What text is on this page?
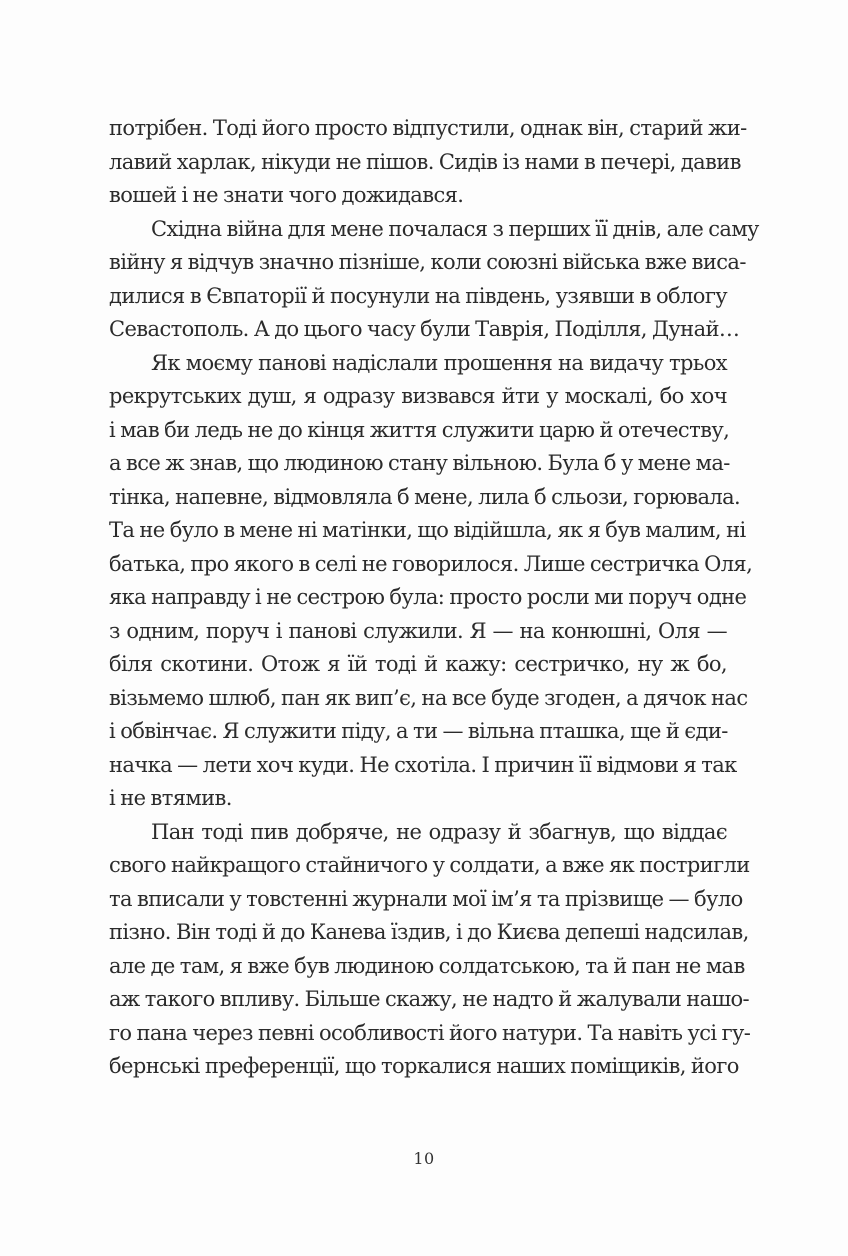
потрібен. Тоді його просто відпустили, однак він, старий жи-
лавий харлак, нікуди не пішов. Сидів із нами в печері, давив
вошей і не знати чого дожидався.
Східна війна для мене почалася з перших її днів, але саму
війну я відчув значно пізніше, коли союзні війська вже висa-
дилися в Євпаторії й посунули на південь, узявши в облогу
Севастополь. А до цього часу були Таврія, Поділля, Дунай…
Як моєму панові надіслали прошення на видачу трьох
рекрутських душ, я одразу визвався йти у москалі, бо хоч
і мав би ледь не до кінця життя служити царю й отечеству,
а все ж знав, що людиною стану вільною. Була б у мене ма-
тінка, напевне, відмовляла б мене, лила б сльози, горювала.
Та не було в мене ні матінки, що відійшла, як я був малим, ні
батька, про якого в селі не говорилося. Лише сестричка Оля,
яка направду і не сестрою була: просто росли ми поруч одне
з одним, поруч і панові служили. Я — на конюшні, Оля —
біля скотини. Отож я їй тоді й кажу: сестричко, ну ж бо,
візьмемо шлюб, пан як вип’є, на все буде згоден, а дячок нас
і обвінчає. Я служити піду, а ти — вільна пташка, ще й єди-
начка — лети хоч куди. Не схотіла. І причин її відмови я так
і не втямив.
Пан тоді пив добряче, не одразу й збагнув, що віддає
свого найкращого стайничого у солдати, а вже як постригли
та вписали у товстенні журнали мої ім’я та прізвище — було
пізно. Він тоді й до Канева їздив, і до Києва депеші надсилав,
але де там, я вже був людиною солдатською, та й пан не мав
аж такого впливу. Більше скажу, не надто й жалували нашо-
го пана через певні особливості його натури. Та навіть усі гу-
бернські преференції, що торкалися наших поміщиків, його
10
